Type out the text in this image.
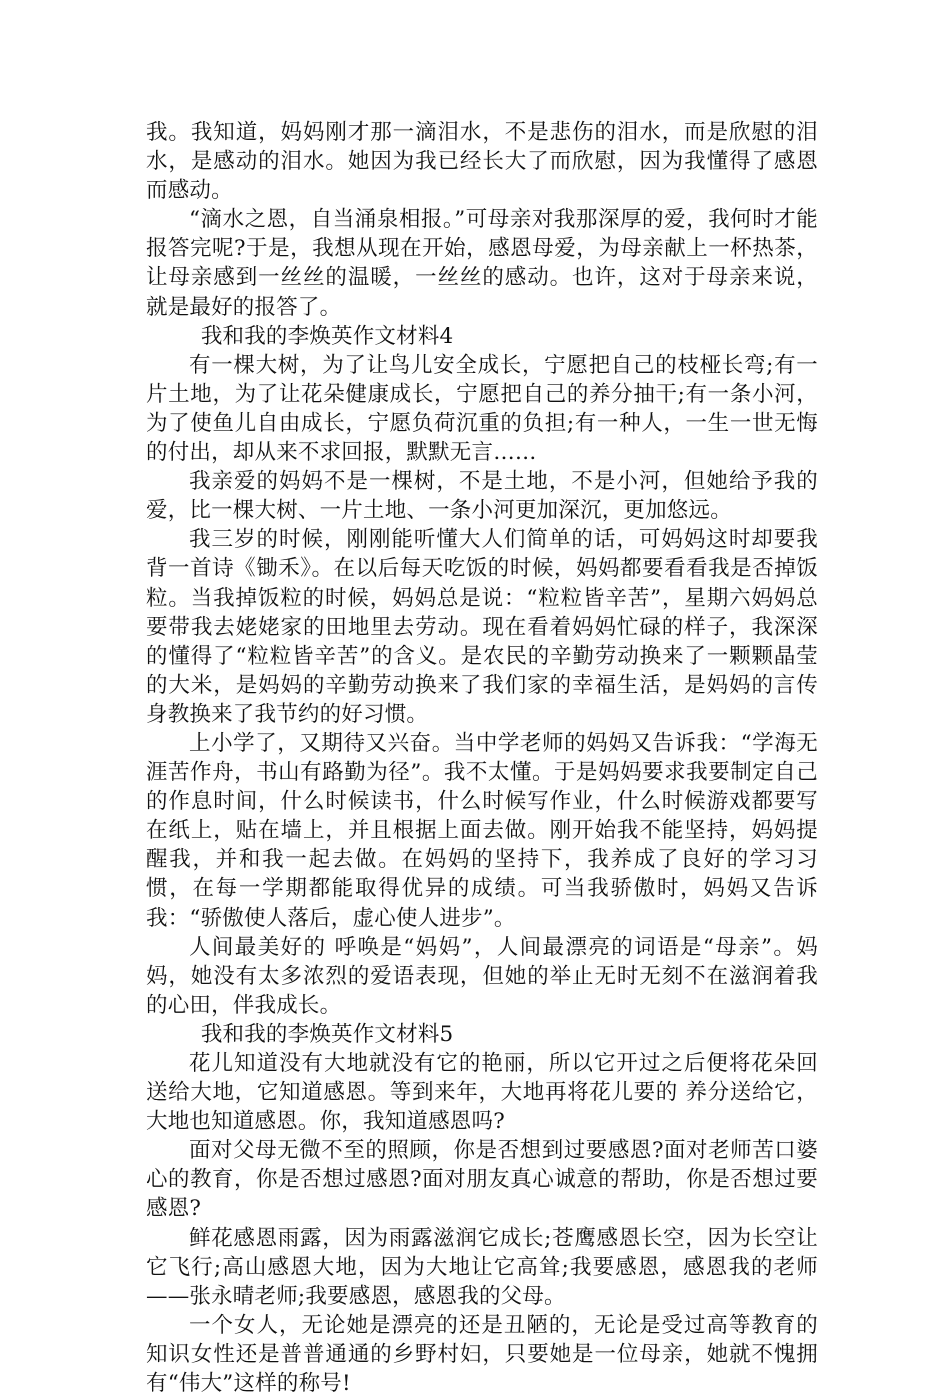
我。我知道，妈妈刚才那一滴泪水，不是悲伤的泪水，而是欣慰的泪水，是感动的泪水。她因为我已经长大了而欣慰，因为我懂得了感恩而感动。

“滴水之恩，自当涌泉相报。”可母亲对我那深厚的爱，我何时才能报答完呢?于是，我想从现在开始，感恩母爱，为母亲献上一杯热茶，让母亲感到一丝丝的温暖，一丝丝的感动。也许，这对于母亲来说，就是最好的报答了。

我和我的李焕英作文材料4

有一棵大树，为了让鸟儿安全成长，宁愿把自己的枝桠长弯;有一片土地，为了让花朵健康成长，宁愿把自己的养分抽干;有一条小河，为了使鱼儿自由成长，宁愿负荷沉重的负担;有一种人，一生一世无悔的付出，却从来不求回报，默默无言……

我亲爱的妈妈不是一棵树，不是土地，不是小河，但她给予我的爱，比一棵大树、一片土地、一条小河更加深沉，更加悠远。

我三岁的时候，刚刚能听懂大人们简单的话，可妈妈这时却要我背一首诗《锄禾》。在以后每天吃饭的时候，妈妈都要看看我是否掉饭粒。当我掉饭粒的时候，妈妈总是说：“粒粒皆辛苦”，星期六妈妈总要带我去姥姥家的田地里去劳动。现在看着妈妈忙碌的样子，我深深的懂得了“粒粒皆辛苦”的含义。是农民的辛勤劳动换来了一颗颗晶莹的大米，是妈妈的辛勤劳动换来了我们家的幸福生活，是妈妈的言传身教换来了我节约的好习惯。

上小学了，又期待又兴奋。当中学老师的妈妈又告诉我：“学海无涯苦作舟，书山有路勤为径”。我不太懂。于是妈妈要求我要制定自己的作息时间，什么时候读书，什么时候写作业，什么时候游戏都要写在纸上，贴在墙上，并且根据上面去做。刚开始我不能坚持，妈妈提醒我，并和我一起去做。在妈妈的坚持下，我养成了良好的学习习惯，在每一学期都能取得优异的成绩。可当我骄傲时，妈妈又告诉我：“骄傲使人落后，虚心使人进步”。

人间最美好的 呼唤是“妈妈”，人间最漂亮的词语是“母亲”。妈妈，她没有太多浓烈的爱语表现，但她的举止无时无刻不在滋润着我的心田，伴我成长。

我和我的李焕英作文材料5

花儿知道没有大地就没有它的艳丽，所以它开过之后便将花朵回送给大地，它知道感恩。等到来年，大地再将花儿要的 养分送给它，大地也知道感恩。你，我知道感恩吗?

面对父母无微不至的照顾，你是否想到过要感恩?面对老师苦口婆心的教育，你是否想过感恩?面对朋友真心诚意的帮助，你是否想过要感恩?

鲜花感恩雨露，因为雨露滋润它成长;苍鹰感恩长空，因为长空让它飞行;高山感恩大地，因为大地让它高耸;我要感恩，感恩我的老师——张永晴老师;我要感恩，感恩我的父母。

一个女人，无论她是漂亮的还是丑陋的，无论是受过高等教育的知识女性还是普普通通的乡野村妇，只要她是一位母亲，她就不愧拥有“伟大”这样的称号!
